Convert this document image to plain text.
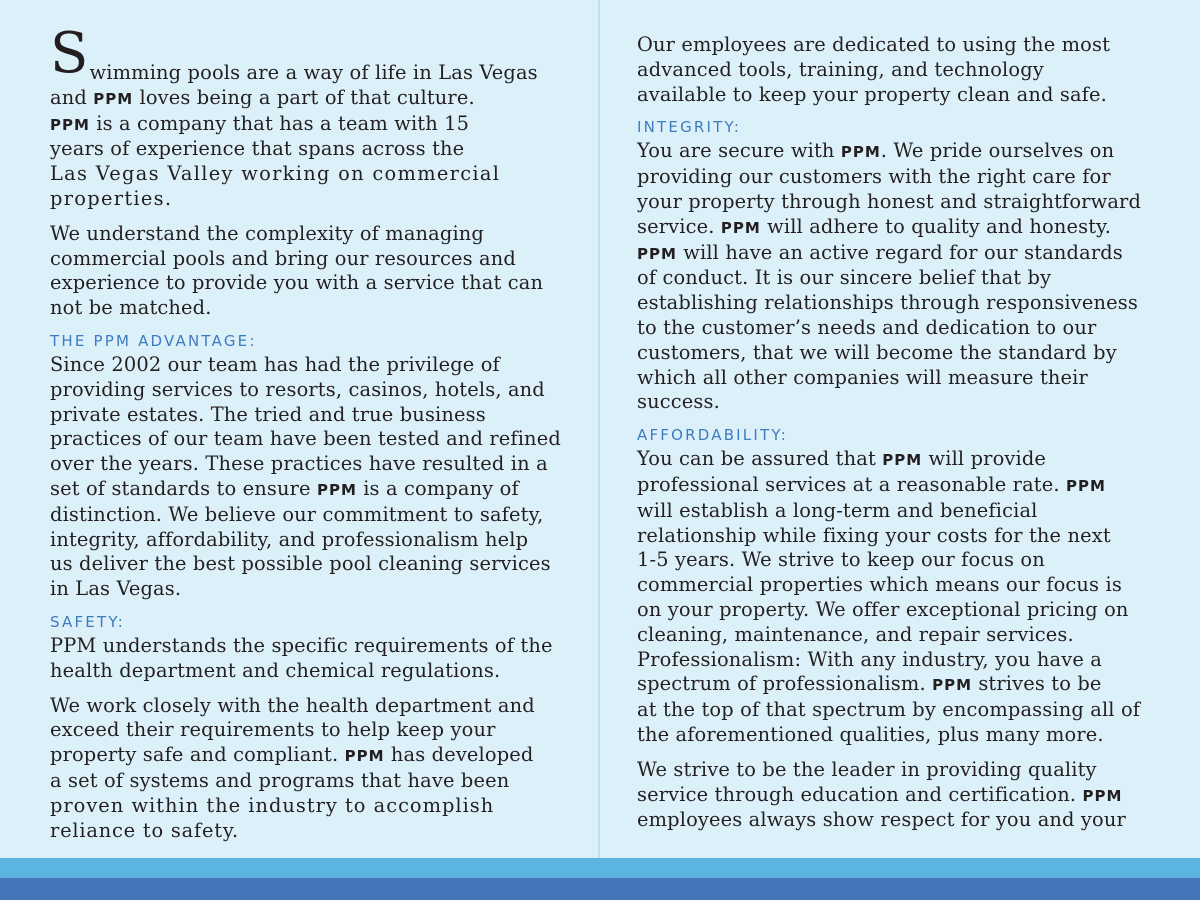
S wimming pools are a way of life in Las Vegas
and PPM loves being a part of that culture.
PPM is a company that has a team with 15
years of experience that spans across the
Las Vegas Valley working on commercial
properties.

We understand the complexity of managing
commercial pools and bring our resources and
experience to provide you with a service that can
not be matched.

THE PPM ADVANTAGE:

Since 2002 our team has had the privilege of
providing services to resorts, casinos, hotels, and
private estates. The tried and true business
practices of our team have been tested and refined
over the years. These practices have resulted in a
set of standards to ensure PPM is a company of
distinction. We believe our commitment to safety,
integrity, affordability, and professionalism help
us deliver the best possible pool cleaning services
in Las Vegas.

SAFETY:

PPM understands the specific requirements of the
health department and chemical regulations.

We work closely with the health department and
exceed their requirements to help keep your
property safe and compliant. PPM has developed
a set of systems and programs that have been
proven within the industry to accomplish
reliance to safety.

Our employees are dedicated to using the most
advanced tools, training, and technology
available to keep your property clean and safe.

INTEGRITY:

You are secure with PPM. We pride ourselves on
providing our customers with the right care for
your property through honest and straightforward
service. PPM will adhere to quality and honesty.
PPM will have an active regard for our standards
of conduct. It is our sincere belief that by
establishing relationships through responsiveness
to the customer’s needs and dedication to our
customers, that we will become the standard by
which all other companies will measure their
success.

AFFORDABILITY:

You can be assured that PPM will provide
professional services at a reasonable rate. PPM
will establish a long-term and beneficial
relationship while fixing your costs for the next
1-5 years. We strive to keep our focus on
commercial properties which means our focus is
on your property. We offer exceptional pricing on
cleaning, maintenance, and repair services.
Professionalism: With any industry, you have a
spectrum of professionalism. PPM strives to be
at the top of that spectrum by encompassing all of
the aforementioned qualities, plus many more.

We strive to be the leader in providing quality
service through education and certification. PPM
employees always show respect for you and your
